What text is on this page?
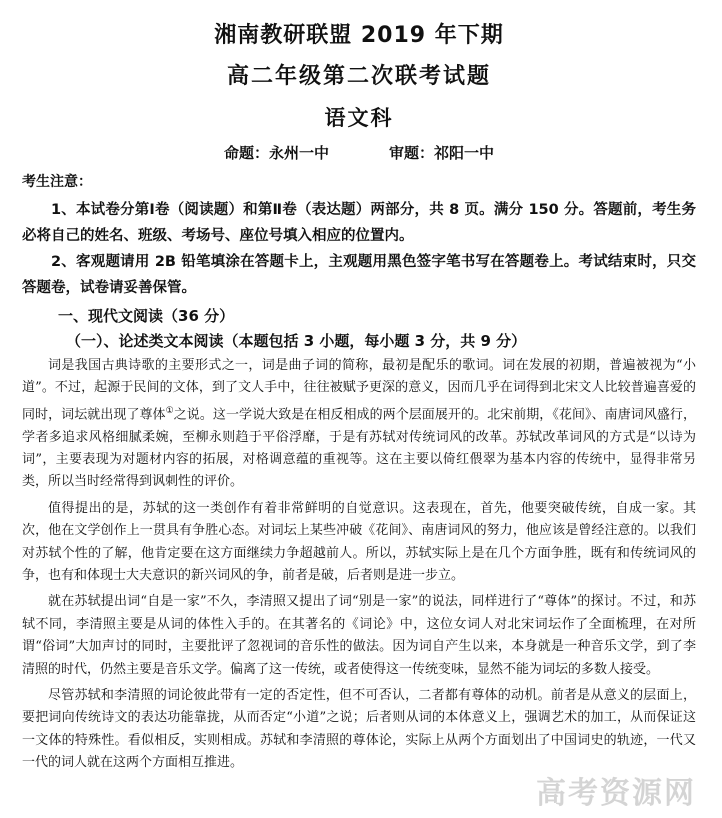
湘南教研联盟 2019 年下期
高二年级第二次联考试题
语文科
命题：永州一中	审题：祁阳一中
考生注意：

1、本试卷分第Ⅰ卷（阅读题）和第Ⅱ卷（表达题）两部分，共 8 页。满分 150 分。答题前，考生务必将自己的姓名、班级、考场号、座位号填入相应的位置内。

2、客观题请用 2B 铅笔填涂在答题卡上，主观题用黑色签字笔书写在答题卷上。考试结束时，只交答题卷，试卷请妥善保管。

一、现代文阅读（36 分）
（一）、论述类文本阅读（本题包括 3 小题，每小题 3 分，共 9 分）

词是我国古典诗歌的主要形式之一，词是曲子词的简称，最初是配乐的歌词。词在发展的初期，普遍被视为“小道”。不过，起源于民间的文体，到了文人手中，往往被赋予更深的意义，因而几乎在词得到北宋文人比较普遍喜爱的同时，词坛就出现了尊体①之说。这一学说大致是在相反相成的两个层面展开的。北宋前期，《花间》、南唐词风盛行，学者多追求风格细腻柔婉，至柳永则趋于平俗浮靡，于是有苏轼对传统词风的改革。苏轼改革词风的方式是“以诗为词”，主要表现为对题材内容的拓展，对格调意蕴的重视等。这在主要以倚红偎翠为基本内容的传统中，显得非常另类，所以当时经常得到讽刺性的评价。

值得提出的是，苏轼的这一类创作有着非常鲜明的自觉意识。这表现在，首先，他要突破传统，自成一家。其次，他在文学创作上一贯具有争胜心态。对词坛上某些冲破《花间》、南唐词风的努力，他应该是曾经注意的。以我们对苏轼个性的了解，他肯定要在这方面继续力争超越前人。所以，苏轼实际上是在几个方面争胜，既有和传统词风的争，也有和体现士大夫意识的新兴词风的争，前者是破，后者则是进一步立。

就在苏轼提出词“自是一家”不久，李清照又提出了词“别是一家”的说法，同样进行了“尊体”的探讨。不过，和苏轼不同，李清照主要是从词的体性入手的。在其著名的《词论》中，这位女词人对北宋词坛作了全面梳理，在对所谓“俗词”大加声讨的同时，主要批评了忽视词的音乐性的做法。因为词自产生以来，本身就是一种音乐文学，到了李清照的时代，仍然主要是音乐文学。偏离了这一传统，或者使得这一传统变味，显然不能为词坛的多数人接受。

尽管苏轼和李清照的词论彼此带有一定的否定性，但不可否认，二者都有尊体的动机。前者是从意义的层面上，要把词向传统诗文的表达功能靠拢，从而否定“小道”之说；后者则从词的本体意义上，强调艺术的加工，从而保证这一文体的特殊性。看似相反，实则相成。苏轼和李清照的尊体论，实际上从两个方面划出了中国词史的轨迹，一代又一代的词人就在这两个方面相互推进。

高考资源网
